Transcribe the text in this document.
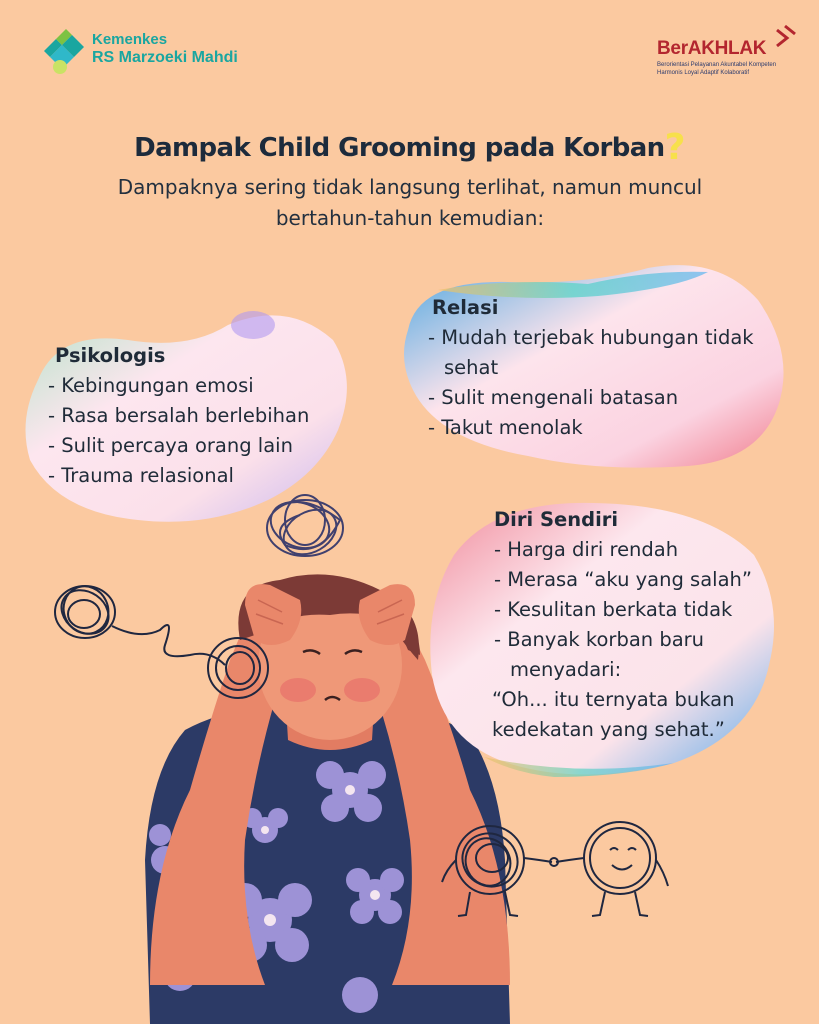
Kemenkes
RS Marzoeki Mahdi	BerAKHLAK
Berorientasi Pelayanan Akuntabel Kompeten
Harmonis Loyal Adaptif Kolaboratif
Dampak Child Grooming pada Korban?
Dampaknya sering tidak langsung terlihat, namun muncul
bertahun-tahun kemudian:
Psikologis
- Kebingungan emosi
- Rasa bersalah berlebihan
- Sulit percaya orang lain
- Trauma relasional
Relasi
- Mudah terjebak hubungan tidak
sehat
- Sulit mengenali batasan
- Takut menolak
Diri Sendiri
- Harga diri rendah
- Merasa “aku yang salah”
- Kesulitan berkata tidak
- Banyak korban baru
menyadari:
“Oh... itu ternyata bukan
kedekatan yang sehat.”
